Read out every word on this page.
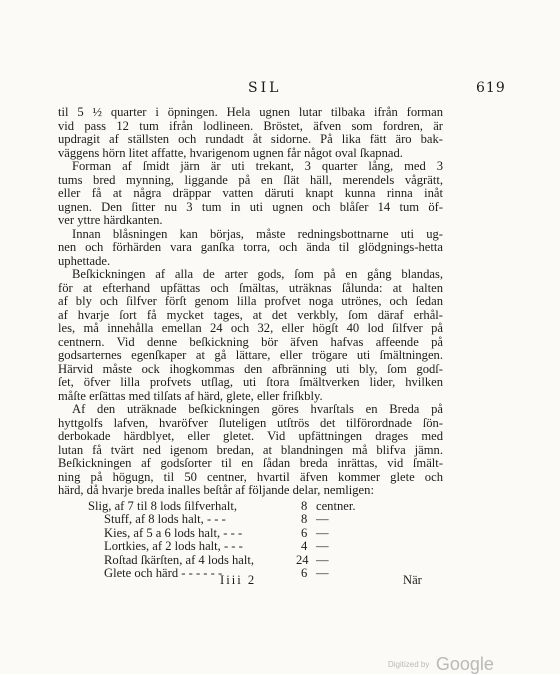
SIL	619
til 5 ½ quarter i öpningen. Hela ugnen lutar tilbaka ifrån forman
vid pass 12 tum ifrån lodlineen. Bröstet, äfven som fordren, är
updragit af ställsten och rundadt åt sidorne. På lika fätt äro bak-
väggens hörn litet affatte, hvarigenom ugnen får något oval ſkapnad.
Forman af ſmidt järn är uti trekant, 3 quarter lång, med 3
tums bred mynning, liggande på en ſlät häll, merendels vågrätt,
eller få at några dräppar vatten däruti knapt kunna rinna inåt
ugnen. Den ſitter nu 3 tum in uti ugnen och blåſer 14 tum öf-
ver yttre härdkanten.
Innan blåsningen kan börjas, måste redningsbottnarne uti ug-
nen och förhärden vara ganſka torra, och ända til glödgnings-hetta
uphettade.
Beſkickningen af alla de arter gods, ſom på en gång blandas,
för at efterhand upfättas och ſmältas, uträknas ſålunda: at halten
af bly och ſilfver förſt genom lilla profvet noga utrönes, och ſedan
af hvarje ſort få mycket tages, at det verkbly, ſom däraf erhål-
les, må innehålla emellan 24 och 32, eller högſt 40 lod ſilfver på
centnern. Vid denne beſkickning bör äfven hafvas affeende på
godsarternes egenſkaper at gå lättare, eller trögare uti ſmältningen.
Härvid måste ock ihogkommas den afbränning uti bly, ſom godſ-
ſet, öfver lilla profvets utſlag, uti ſtora ſmältverken lider, hvilken
måſte erſättas med tilſats af härd, glete, eller friſkbly.
Af den uträknade beſkickningen göres hvarſtals en Breda på
hyttgolfs lafven, hvaröfver ſluteligen utſtrös det tilförordnade ſön-
derbokade härdblyet, eller gletet. Vid upfättningen drages med
lutan få tvärt ned igenom bredan, at blandningen må blifva jämn.
Beſkickningen af godsſorter til en ſådan breda inrättas, vid ſmält-
ning på högugn, til 50 centner, hvartil äfven kommer glete och
härd, då hvarje breda inalles beſtår af följande delar, nemligen:
Slig, af 7 til 8 lods ſilfverhalt,	8 centner.
Stuff, af 8 lods halt, - - -	8 —
Kies, af 5 a 6 lods halt, - - -	6 —
Lortkies, af 2 lods halt, - - -	4 —
Roſtad ſkärſten, af 4 lods halt,	24 —
Glete och härd - - - - - -	6 —
Iiii 2	När
Digitized by Google
